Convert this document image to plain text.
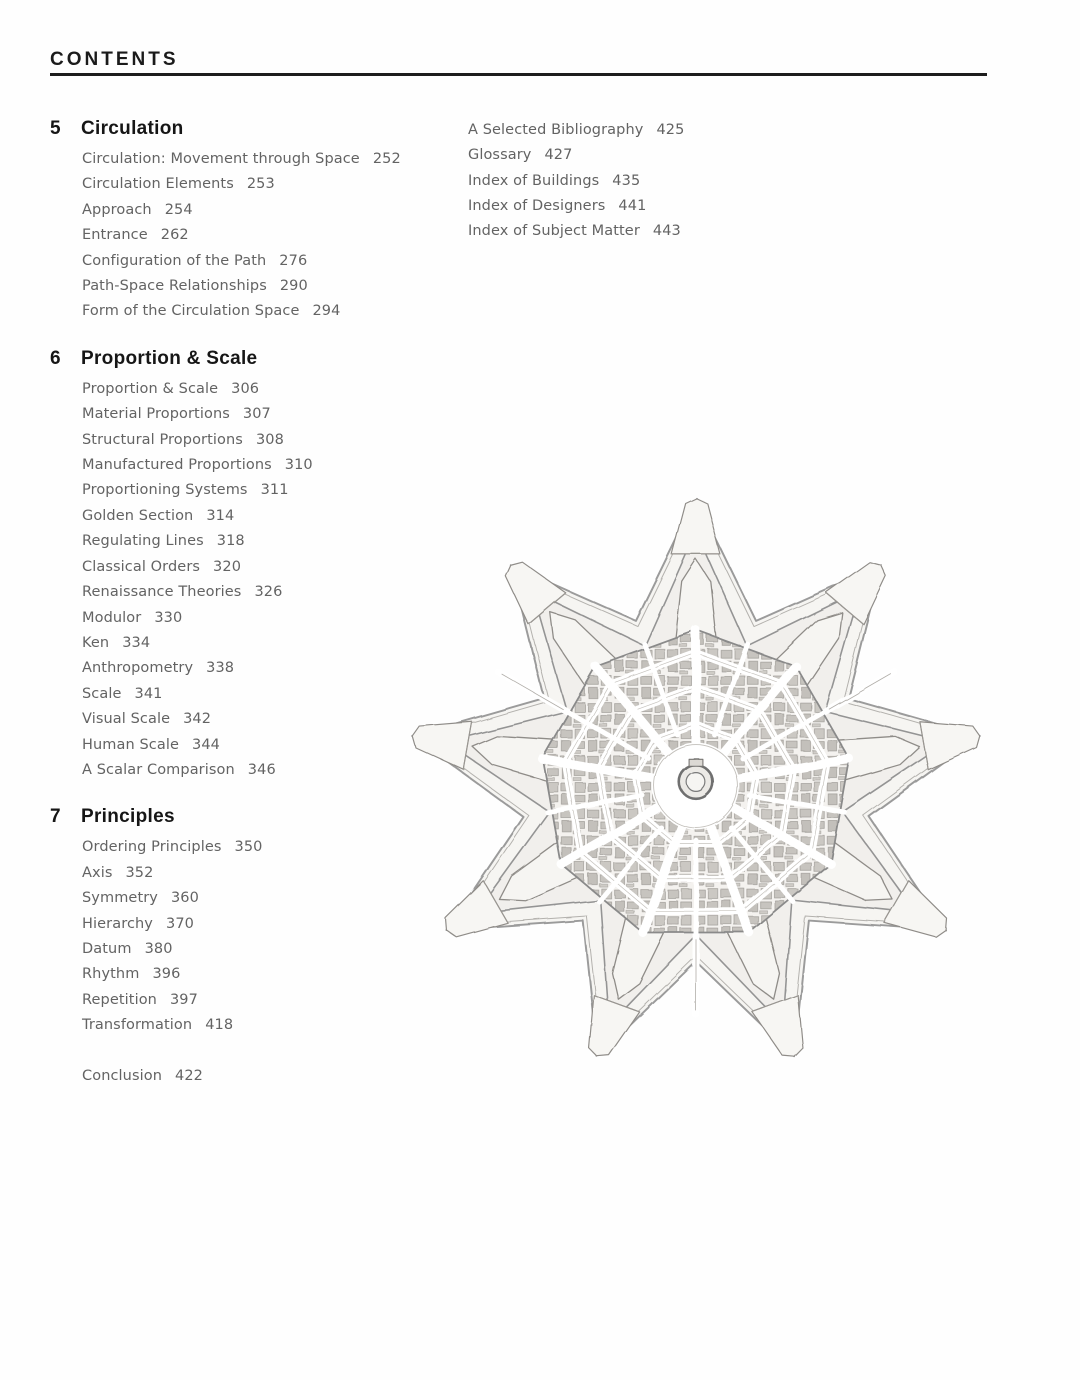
CONTENTS
5	Circulation
Circulation: Movement through Space 252
Circulation Elements 253
Approach 254
Entrance 262
Configuration of the Path 276
Path-Space Relationships 290
Form of the Circulation Space 294
6	Proportion & Scale
Proportion & Scale 306
Material Proportions 307
Structural Proportions 308
Manufactured Proportions 310
Proportioning Systems 311
Golden Section 314
Regulating Lines 318
Classical Orders 320
Renaissance Theories 326
Modulor 330
Ken 334
Anthropometry 338
Scale 341
Visual Scale 342
Human Scale 344
A Scalar Comparison 346
7	Principles
Ordering Principles 350
Axis 352
Symmetry 360
Hierarchy 370
Datum 380
Rhythm 396
Repetition 397
Transformation 418
Conclusion 422
A Selected Bibliography 425
Glossary 427
Index of Buildings 435
Index of Designers 441
Index of Subject Matter 443
